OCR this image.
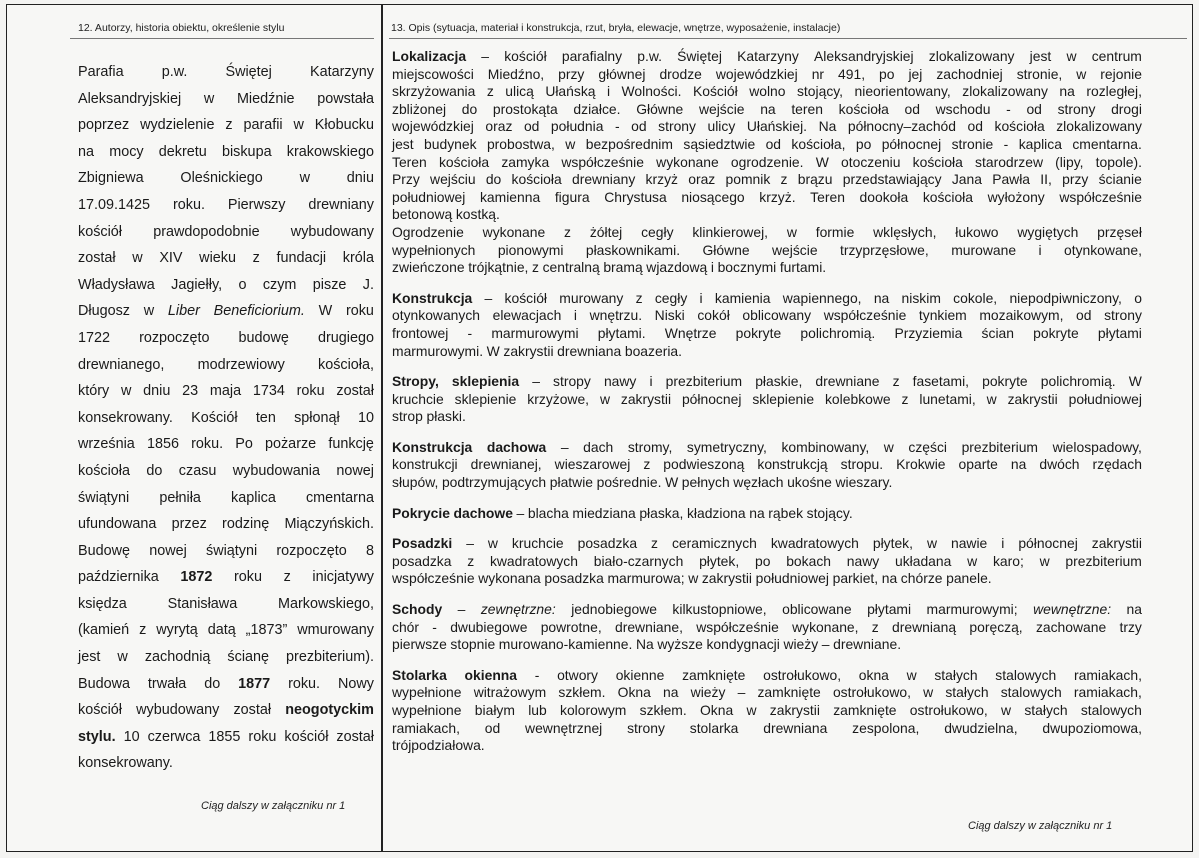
12. Autorzy, historia obiektu, określenie stylu	13. Opis (sytuacja, materiał i konstrukcja, rzut, bryła, elewacje, wnętrze, wyposażenie, instalacje)
Parafia	p.w.	Świętej	Katarzyny
Aleksandryjskiej w Miedźnie powstała
poprzez wydzielenie z parafii w Kłobucku
na mocy dekretu biskupa krakowskiego
Zbigniewa	Oleśnickiego	w	dniu
17.09.1425 roku. Pierwszy drewniany
kościół prawdopodobnie wybudowany
został w XIV wieku z fundacji króla
Władysława Jagiełły, o czym pisze J.
Długosz w Liber Beneficiorium. W roku
1722 rozpoczęto budowę drugiego
drewnianego, modrzewiowy kościoła,
który w dniu 23 maja 1734 roku został
konsekrowany. Kościół ten spłonął 10
września 1856 roku. Po pożarze funkcję
kościoła do czasu wybudowania nowej
świątyni pełniła kaplica cmentarna
ufundowana przez rodzinę Miączyńskich.
Budowę nowej świątyni rozpoczęto 8
października 1872 roku z inicjatywy
księdza	Stanisława	Markowskiego,
(kamień z wyrytą datą „1873” wmurowany
jest w zachodnią ścianę prezbiterium).
Budowa trwała do 1877 roku. Nowy
kościół wybudowany został neogotyckim
stylu. 10 czerwca 1855 roku kościół został
konsekrowany.
Lokalizacja – kościół parafialny p.w. Świętej Katarzyny Aleksandryjskiej zlokalizowany jest w centrum
miejscowości Miedźno, przy głównej drodze wojewódzkiej nr 491, po jej zachodniej stronie, w rejonie
skrzyżowania z ulicą Ułańską i Wolności. Kościół wolno stojący, nieorientowany, zlokalizowany na rozległej,
zbliżonej do prostokąta działce. Główne wejście na teren kościoła od wschodu - od strony drogi
wojewódzkiej oraz od południa - od strony ulicy Ułańskiej. Na północny–zachód od kościoła zlokalizowany
jest budynek probostwa, w bezpośrednim sąsiedztwie od kościoła, po północnej stronie - kaplica cmentarna.
Teren kościoła zamyka współcześnie wykonane ogrodzenie. W otoczeniu kościoła starodrzew (lipy, topole).
Przy wejściu do kościoła drewniany krzyż oraz pomnik z brązu przedstawiający Jana Pawła II, przy ścianie
południowej kamienna figura Chrystusa niosącego krzyż. Teren dookoła kościoła wyłożony współcześnie
betonową kostką.
Ogrodzenie wykonane z żółtej cegły klinkierowej, w formie wklęsłych, łukowo wygiętych przęseł
wypełnionych pionowymi płaskownikami. Główne wejście trzyprzęsłowe, murowane i otynkowane,
zwieńczone trójkątnie, z centralną bramą wjazdową i bocznymi furtami.
Konstrukcja – kościół murowany z cegły i kamienia wapiennego, na niskim cokole, niepodpiwniczony, o
otynkowanych elewacjach i wnętrzu. Niski cokół oblicowany współcześnie tynkiem mozaikowym, od strony
frontowej - marmurowymi płytami. Wnętrze pokryte polichromią. Przyziemia ścian pokryte płytami
marmurowymi. W zakrystii drewniana boazeria.
Stropy, sklepienia – stropy nawy i prezbiterium płaskie, drewniane z fasetami, pokryte polichromią. W
kruchcie sklepienie krzyżowe, w zakrystii północnej sklepienie kolebkowe z lunetami, w zakrystii południowej
strop płaski.
Konstrukcja dachowa – dach stromy, symetryczny, kombinowany, w części prezbiterium wielospadowy,
konstrukcji drewnianej, wieszarowej z podwieszoną konstrukcją stropu. Krokwie oparte na dwóch rzędach
słupów, podtrzymujących płatwie pośrednie. W pełnych węzłach ukośne wieszary.
Pokrycie dachowe – blacha miedziana płaska, kładziona na rąbek stojący.
Posadzki – w kruchcie posadzka z ceramicznych kwadratowych płytek, w nawie i północnej zakrystii
posadzka z kwadratowych biało-czarnych płytek, po bokach nawy układana w karo; w prezbiterium
współcześnie wykonana posadzka marmurowa; w zakrystii południowej parkiet, na chórze panele.
Schody – zewnętrzne: jednobiegowe kilkustopniowe, oblicowane płytami marmurowymi; wewnętrzne: na
chór - dwubiegowe powrotne, drewniane, współcześnie wykonane, z drewnianą poręczą, zachowane trzy
pierwsze stopnie murowano-kamienne. Na wyższe kondygnacji wieży – drewniane.
Stolarka okienna - otwory okienne zamknięte ostrołukowo, okna w stałych stalowych ramiakach,
wypełnione witrażowym szkłem. Okna na wieży – zamknięte ostrołukowo, w stałych stalowych ramiakach,
wypełnione białym lub kolorowym szkłem. Okna w zakrystii zamknięte ostrołukowo, w stałych stalowych
ramiakach, od wewnętrznej strony stolarka drewniana zespolona, dwudzielna, dwupoziomowa,
trójpodziałowa.
Ciąg dalszy w załączniku nr 1
Ciąg dalszy w załączniku nr 1
